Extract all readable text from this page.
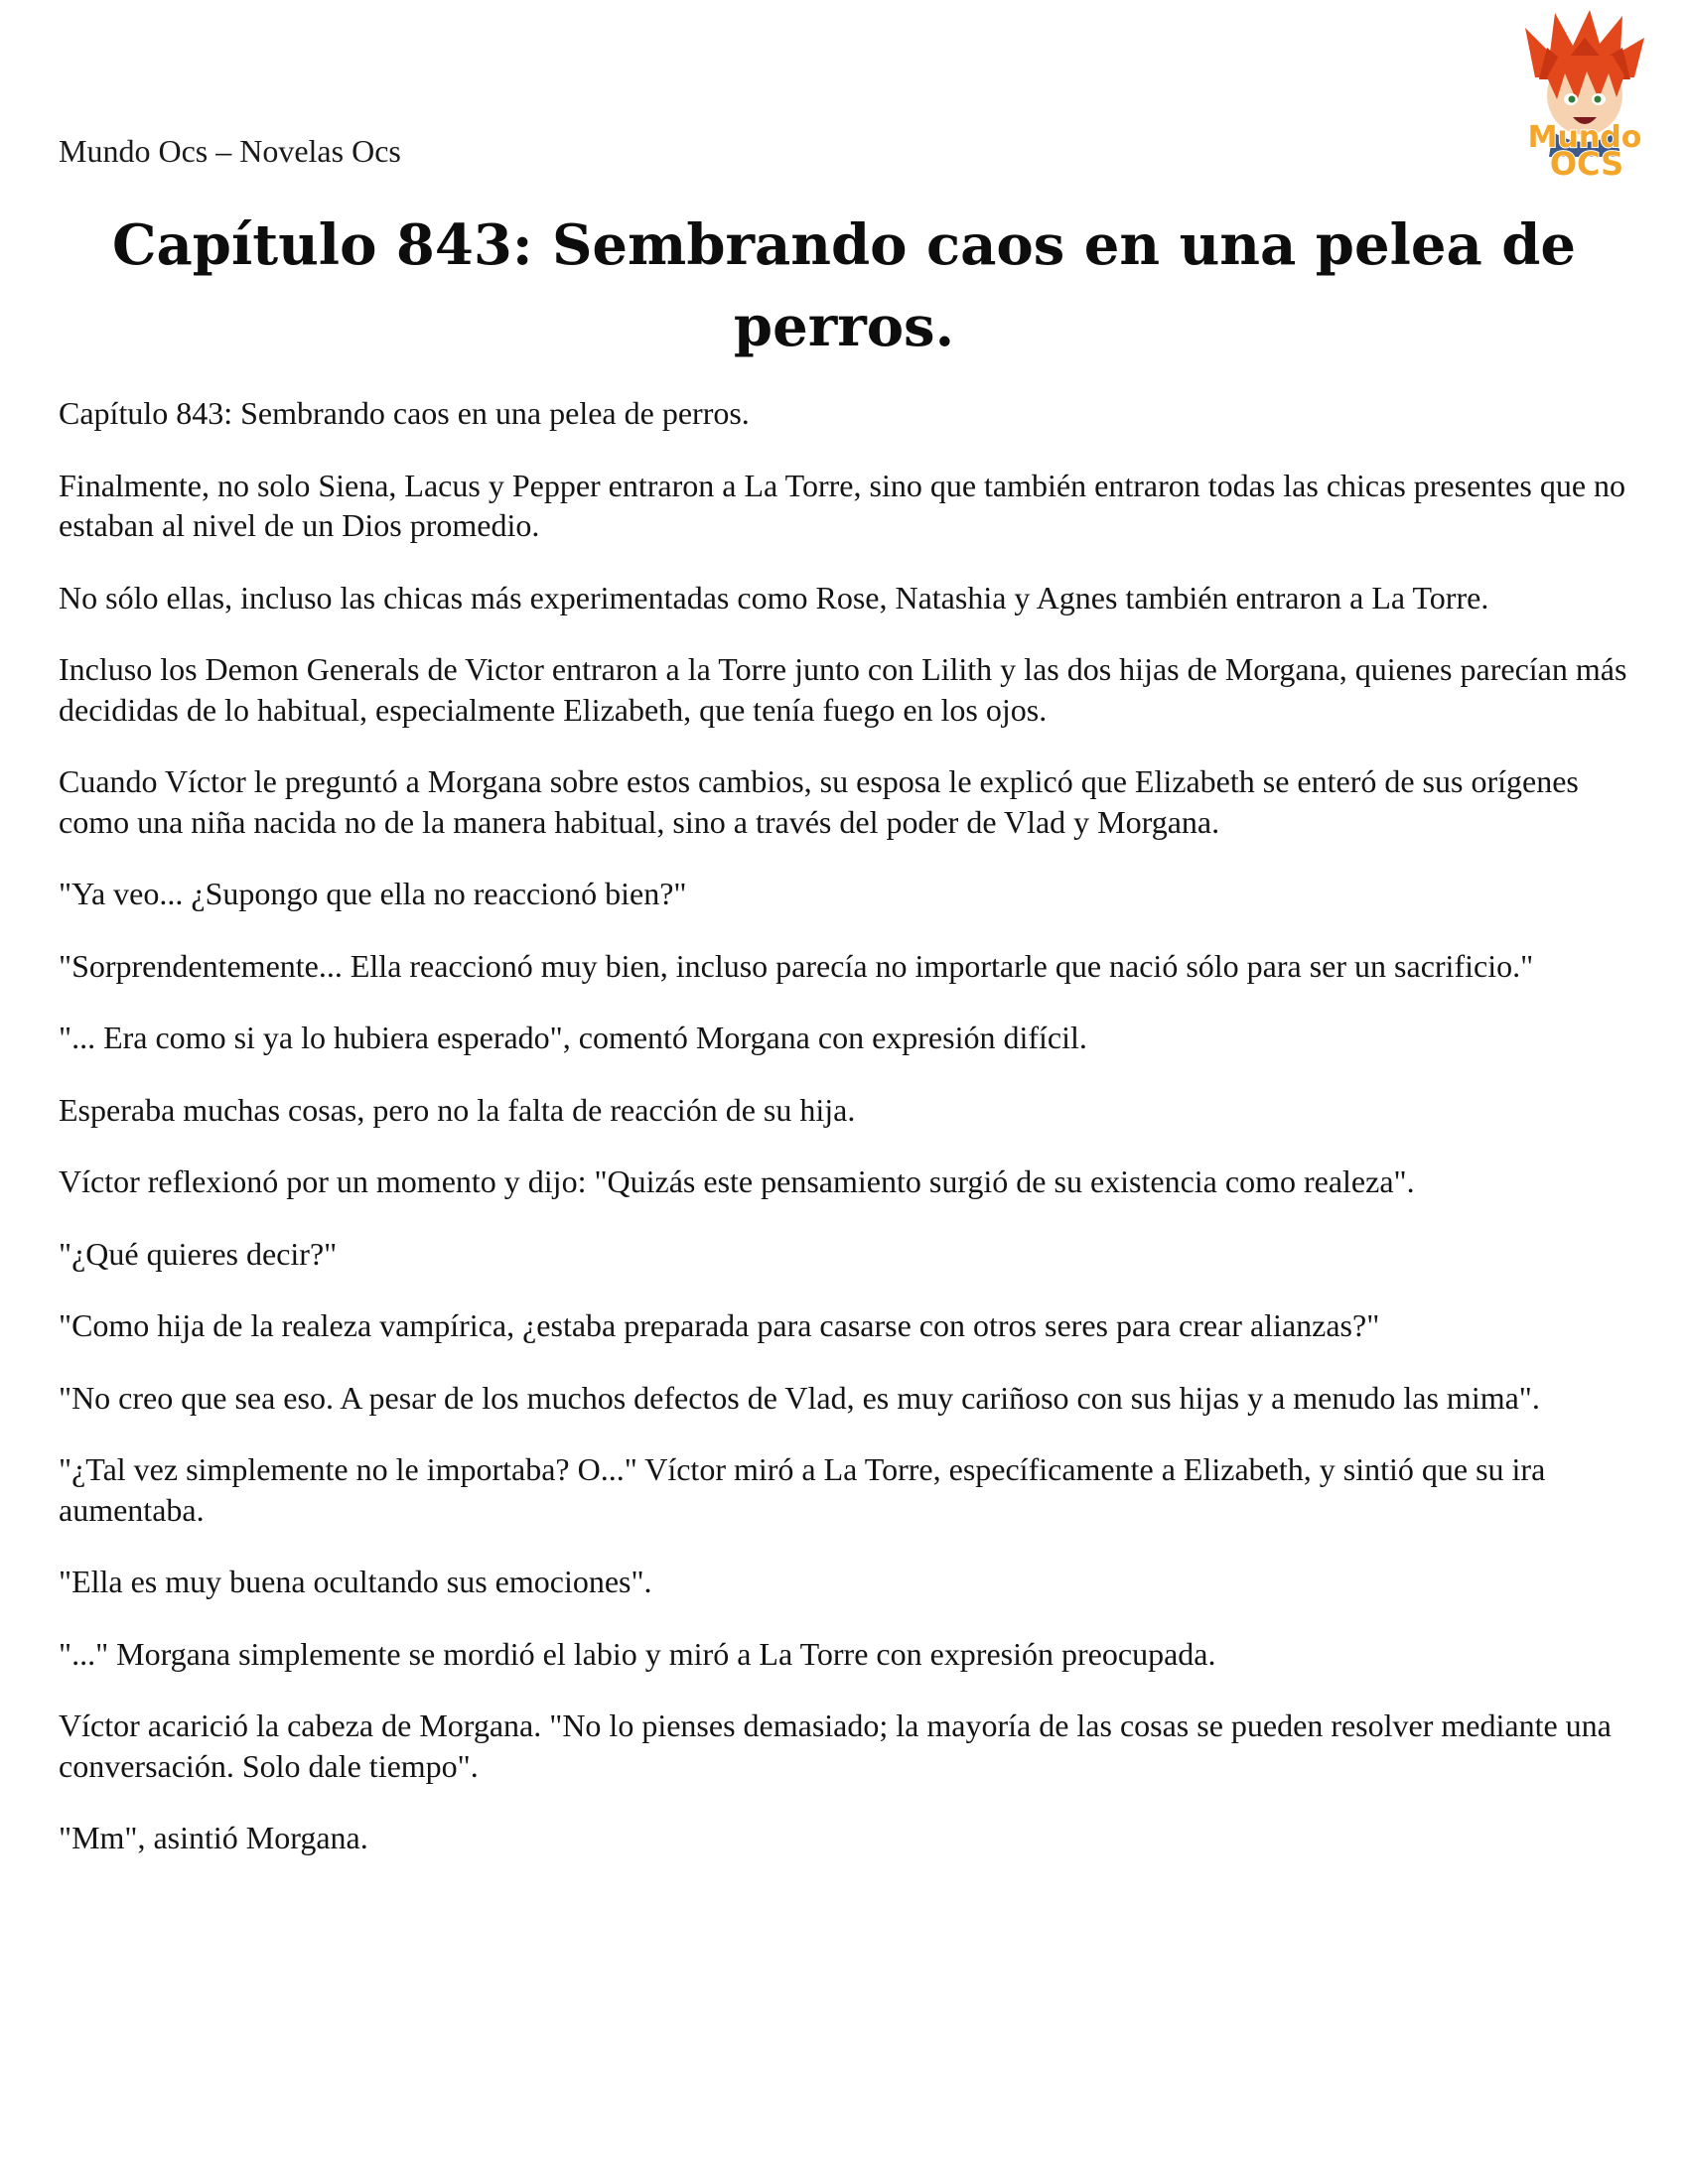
Mundo Ocs – Novelas Ocs	Mundo
OCS
Capítulo 843: Sembrando caos en una pelea de perros.

Capítulo 843: Sembrando caos en una pelea de perros.

Finalmente, no solo Siena, Lacus y Pepper entraron a La Torre, sino que también entraron todas las chicas presentes que no estaban al nivel de un Dios promedio.

No sólo ellas, incluso las chicas más experimentadas como Rose, Natashia y Agnes también entraron a La Torre.

Incluso los Demon Generals de Victor entraron a la Torre junto con Lilith y las dos hijas de Morgana, quienes parecían más decididas de lo habitual, especialmente Elizabeth, que tenía fuego en los ojos.

Cuando Víctor le preguntó a Morgana sobre estos cambios, su esposa le explicó que Elizabeth se enteró de sus orígenes como una niña nacida no de la manera habitual, sino a través del poder de Vlad y Morgana.

"Ya veo... ¿Supongo que ella no reaccionó bien?"

"Sorprendentemente... Ella reaccionó muy bien, incluso parecía no importarle que nació sólo para ser un sacrificio."

"... Era como si ya lo hubiera esperado", comentó Morgana con expresión difícil.

Esperaba muchas cosas, pero no la falta de reacción de su hija.

Víctor reflexionó por un momento y dijo: "Quizás este pensamiento surgió de su existencia como realeza".

"¿Qué quieres decir?"

"Como hija de la realeza vampírica, ¿estaba preparada para casarse con otros seres para crear alianzas?"

"No creo que sea eso. A pesar de los muchos defectos de Vlad, es muy cariñoso con sus hijas y a menudo las mima".

"¿Tal vez simplemente no le importaba? O..." Víctor miró a La Torre, específicamente a Elizabeth, y sintió que su ira aumentaba.

"Ella es muy buena ocultando sus emociones".

"..." Morgana simplemente se mordió el labio y miró a La Torre con expresión preocupada.

Víctor acarició la cabeza de Morgana. "No lo pienses demasiado; la mayoría de las cosas se pueden resolver mediante una conversación. Solo dale tiempo".

"Mm", asintió Morgana.
